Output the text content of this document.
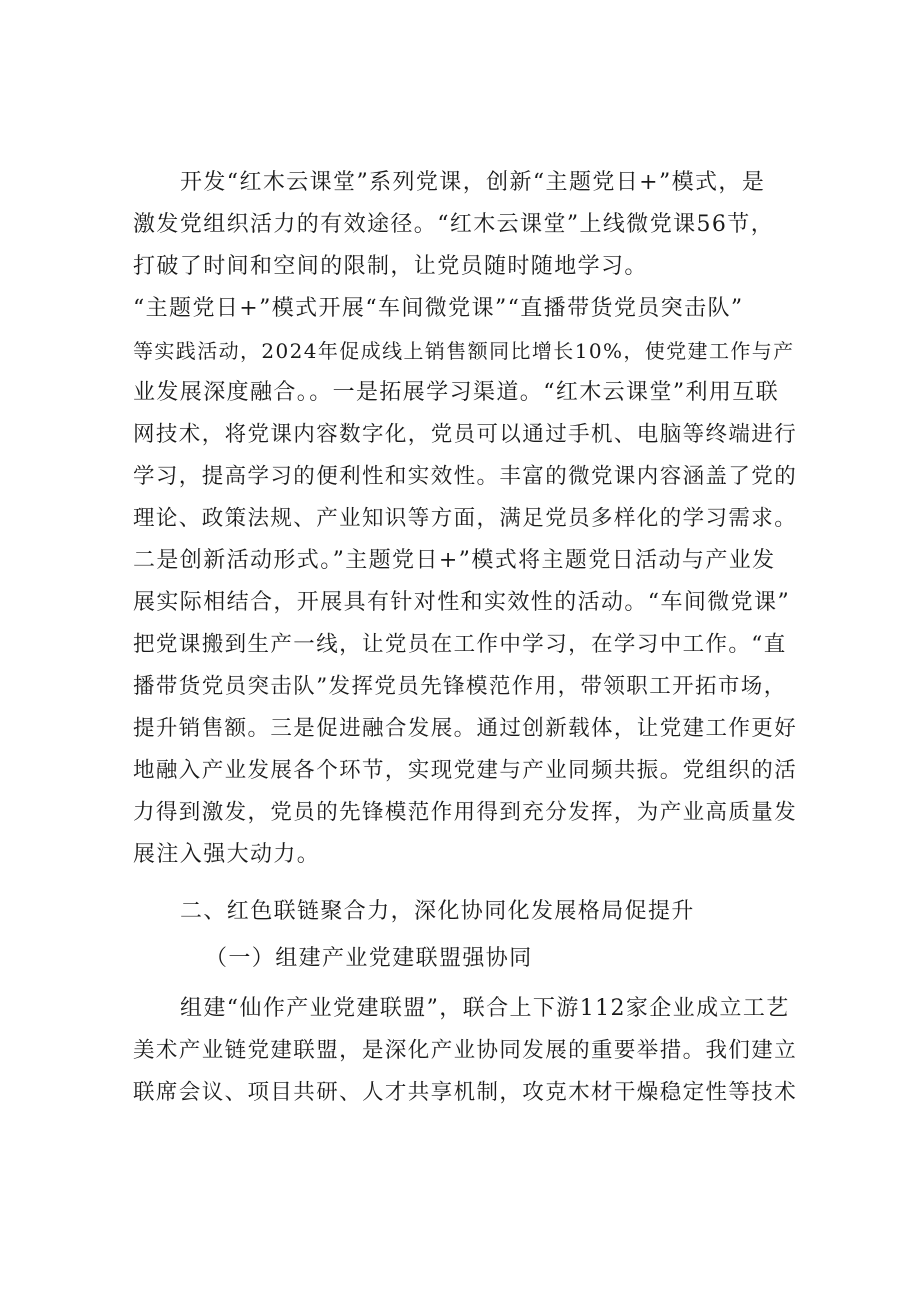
开发“红木云课堂”系列党课，创新“主题党日+”模式，是
激发党组织活力的有效途径。“红木云课堂”上线微党课56节，
打破了时间和空间的限制，让党员随时随地学习。
“主题党日+”模式开展“车间微党课”“直播带货党员突击队”
等实践活动，2024年促成线上销售额同比增长10%，使党建工作与产
业发展深度融合。。一是拓展学习渠道。“红木云课堂”利用互联
网技术，将党课内容数字化，党员可以通过手机、电脑等终端进行
学习，提高学习的便利性和实效性。丰富的微党课内容涵盖了党的
理论、政策法规、产业知识等方面，满足党员多样化的学习需求。
二是创新活动形式。”主题党日+”模式将主题党日活动与产业发
展实际相结合，开展具有针对性和实效性的活动。“车间微党课”
把党课搬到生产一线，让党员在工作中学习，在学习中工作。“直
播带货党员突击队”发挥党员先锋模范作用，带领职工开拓市场，
提升销售额。三是促进融合发展。通过创新载体，让党建工作更好
地融入产业发展各个环节，实现党建与产业同频共振。党组织的活
力得到激发，党员的先锋模范作用得到充分发挥，为产业高质量发
展注入强大动力。
二、红色联链聚合力，深化协同化发展格局促提升
（一）组建产业党建联盟强协同
组建“仙作产业党建联盟”，联合上下游112家企业成立工艺
美术产业链党建联盟，是深化产业协同发展的重要举措。我们建立
联席会议、项目共研、人才共享机制，攻克木材干燥稳定性等技术
